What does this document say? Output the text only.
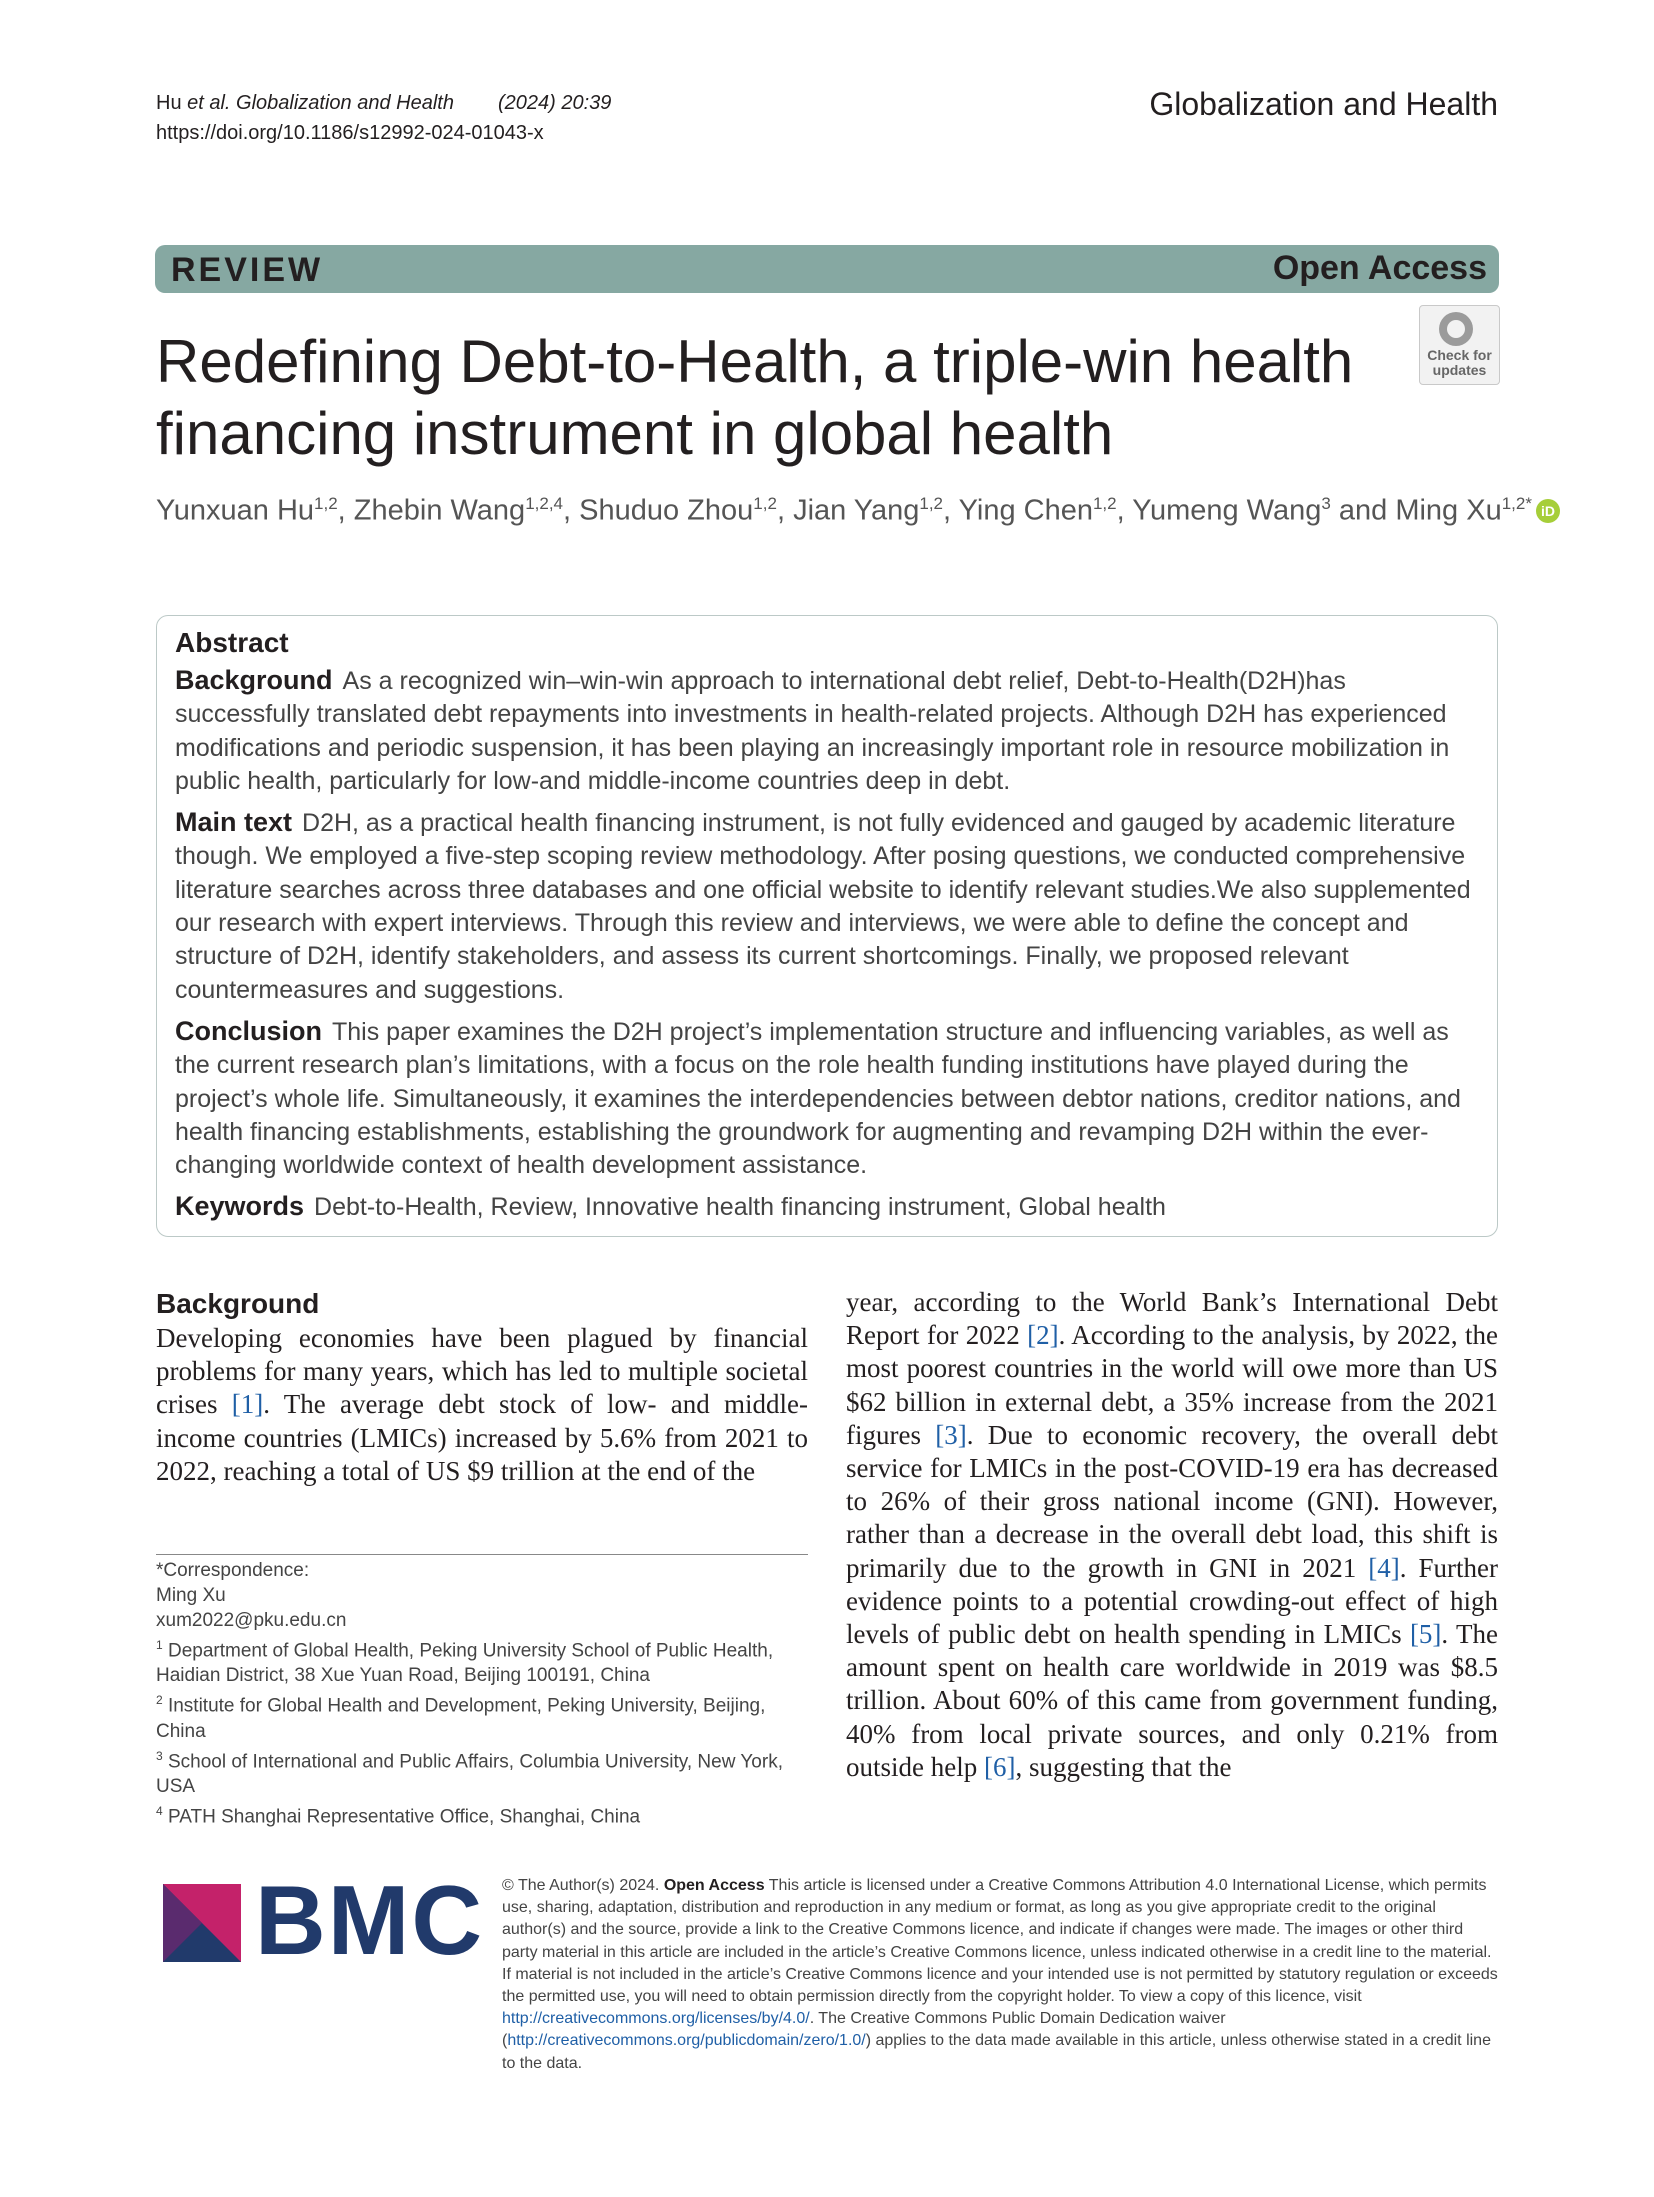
Hu et al. Globalization and Health (2024) 20:39
https://doi.org/10.1186/s12992-024-01043-x
Globalization and Health
REVIEW	Open Access
Redefining Debt-to-Health, a triple-win health financing instrument in global health
Check for
updates
Yunxuan Hu$^{1,2}$, Zhebin Wang$^{1,2,4}$, Shuduo Zhou$^{1,2}$, Jian Yang$^{1,2}$, Ying Chen$^{1,2}$, Yumeng Wang$^3$ and Ming $Xu^{1,2*}$ iD
Abstract

Background As a recognized win–win-win approach to international debt relief, Debt-to-Health(D2H)has successfully translated debt repayments into investments in health-related projects. Although D2H has experienced modifications and periodic suspension, it has been playing an increasingly important role in resource mobilization in public health, particularly for low-and middle-income countries deep in debt.

Main text D2H, as a practical health financing instrument, is not fully evidenced and gauged by academic literature though. We employed a five-step scoping review methodology. After posing questions, we conducted comprehensive literature searches across three databases and one official website to identify relevant studies.We also supplemented our research with expert interviews. Through this review and interviews, we were able to define the concept and structure of D2H, identify stakeholders, and assess its current shortcomings. Finally, we proposed relevant countermeasures and suggestions.

Conclusion This paper examines the D2H project’s implementation structure and influencing variables, as well as the current research plan’s limitations, with a focus on the role health funding institutions have played during the project’s whole life. Simultaneously, it examines the interdependencies between debtor nations, creditor nations, and health financing establishments, establishing the groundwork for augmenting and revamping D2H within the ever-changing worldwide context of health development assistance.

Keywords Debt-to-Health, Review, Innovative health financing instrument, Global health

Background

Developing economies have been plagued by financial problems for many years, which has led to multiple societal crises [1]. The average debt stock of low- and middle-income countries (LMICs) increased by 5.6% from 2021 to 2022, reaching a total of US $9 trillion at the end of the

year, according to the World Bank’s International Debt Report for 2022 [2]. According to the analysis, by 2022, the most poorest countries in the world will owe more than US $62 billion in external debt, a 35% increase from the 2021 figures [3]. Due to economic recovery, the overall debt service for LMICs in the post-COVID-19 era has decreased to 26% of their gross national income (GNI). However, rather than a decrease in the overall debt load, this shift is primarily due to the growth in GNI in 2021 [4]. Further evidence points to a potential crowding-out effect of high levels of public debt on health spending in LMICs [5]. The amount spent on health care worldwide in 2019 was $8.5 trillion. About 60% of this came from government funding, 40% from local private sources, and only 0.21% from outside help [6], suggesting that the

*Correspondence:

Ming Xu

xum2022@pku.edu.cn

$^1$ Department of Global Health, Peking University School of Public Health, Haidian District, 38 Xue Yuan Road, Beijing 100191, China

$^2$ Institute for Global Health and Development, Peking University, Beijing, China

$^3$ School of International and Public Affairs, Columbia University, New York, USA

$^4$ PATH Shanghai Representative Office, Shanghai, China

BMC © The Author(s) 2024. Open Access This article is licensed under a Creative Commons Attribution 4.0 International License, which permits use, sharing, adaptation, distribution and reproduction in any medium or format, as long as you give appropriate credit to the original author(s) and the source, provide a link to the Creative Commons licence, and indicate if changes were made. The images or other third party material in this article are included in the article’s Creative Commons licence, unless indicated otherwise in a credit line to the material. If material is not included in the article’s Creative Commons licence and your intended use is not permitted by statutory regulation or exceeds the permitted use, you will need to obtain permission directly from the copyright holder. To view a copy of this licence, visit http://creativecommons.org/licenses/by/4.0/. The Creative Commons Public Domain Dedication waiver (http://creativecommons.org/publicdomain/zero/1.0/) applies to the data made available in this article, unless otherwise stated in a credit line to the data.
